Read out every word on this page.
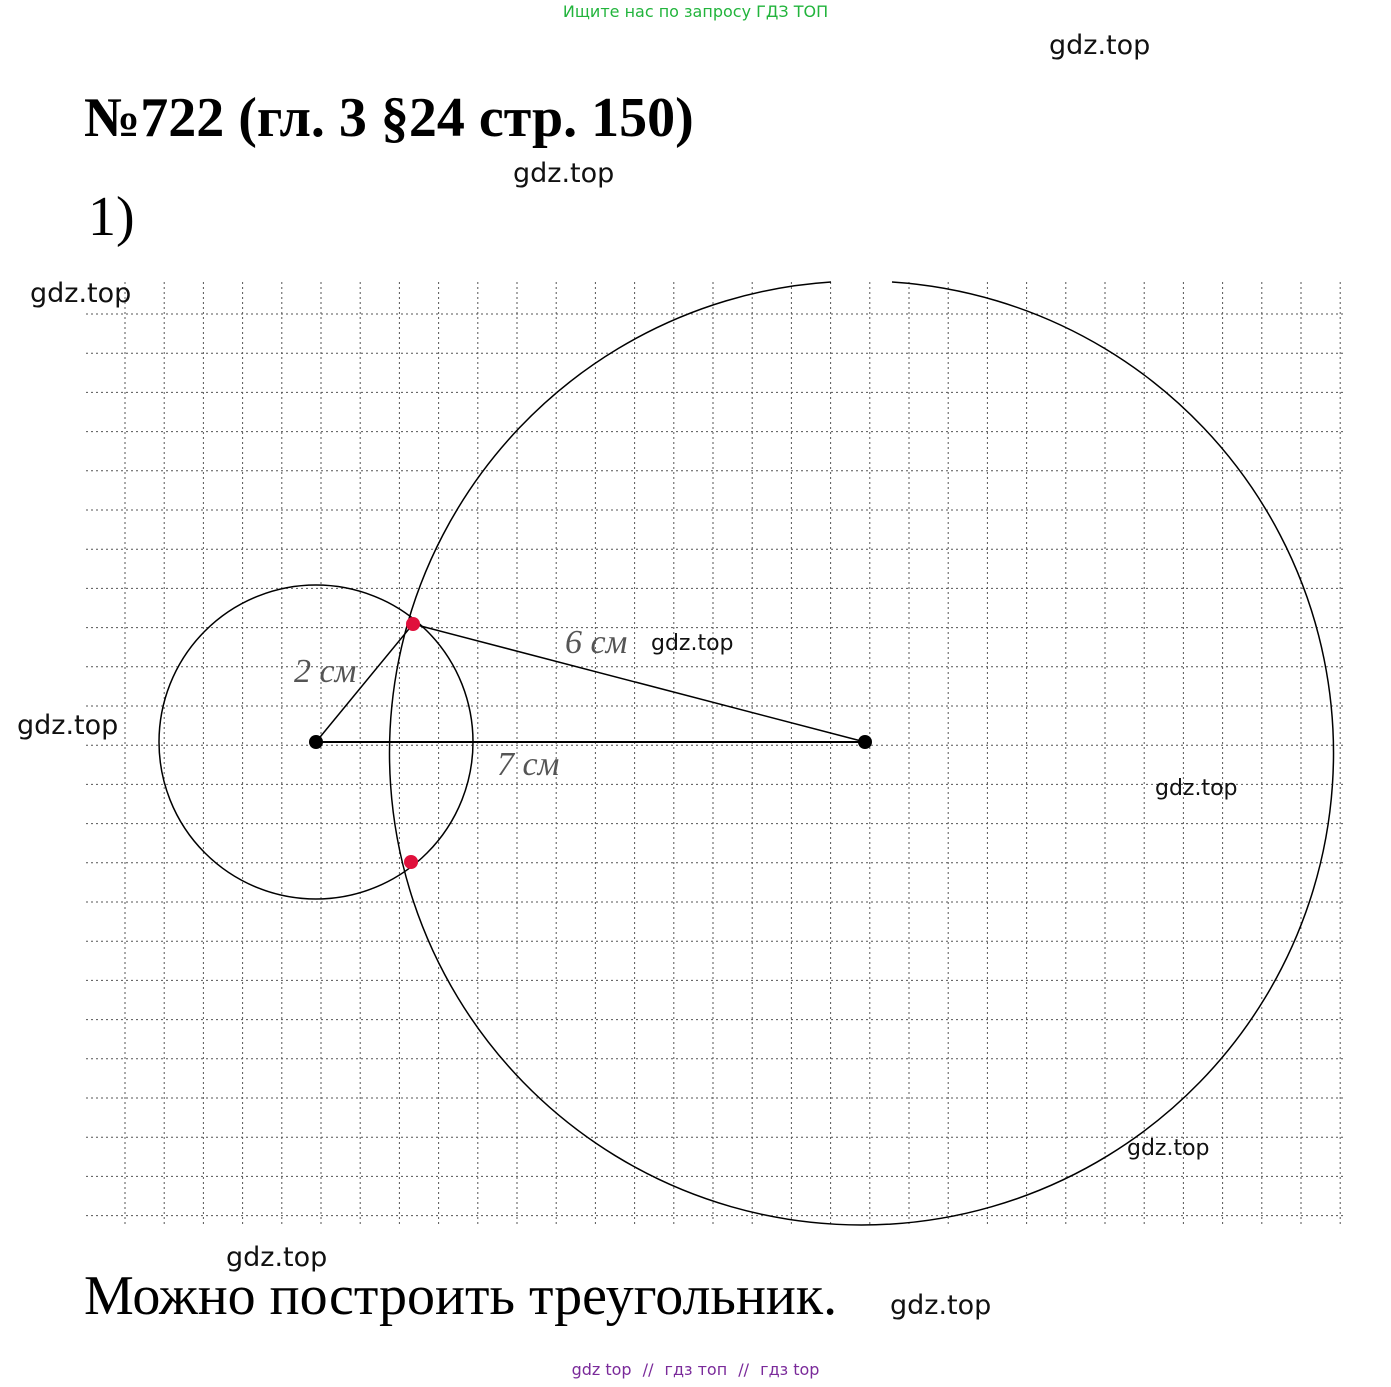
Ищите нас по запросу ГДЗ ТОП
gdz.top
№722 (гл. 3 §24 стр. 150)
gdz.top
1)
2 см
6 см
7 см
gdz.top
gdz.top
gdz.top
gdz.top
gdz.top
gdz.top
Можно построить треугольник. gdz.top
gdz top // гдз топ // гдз top
